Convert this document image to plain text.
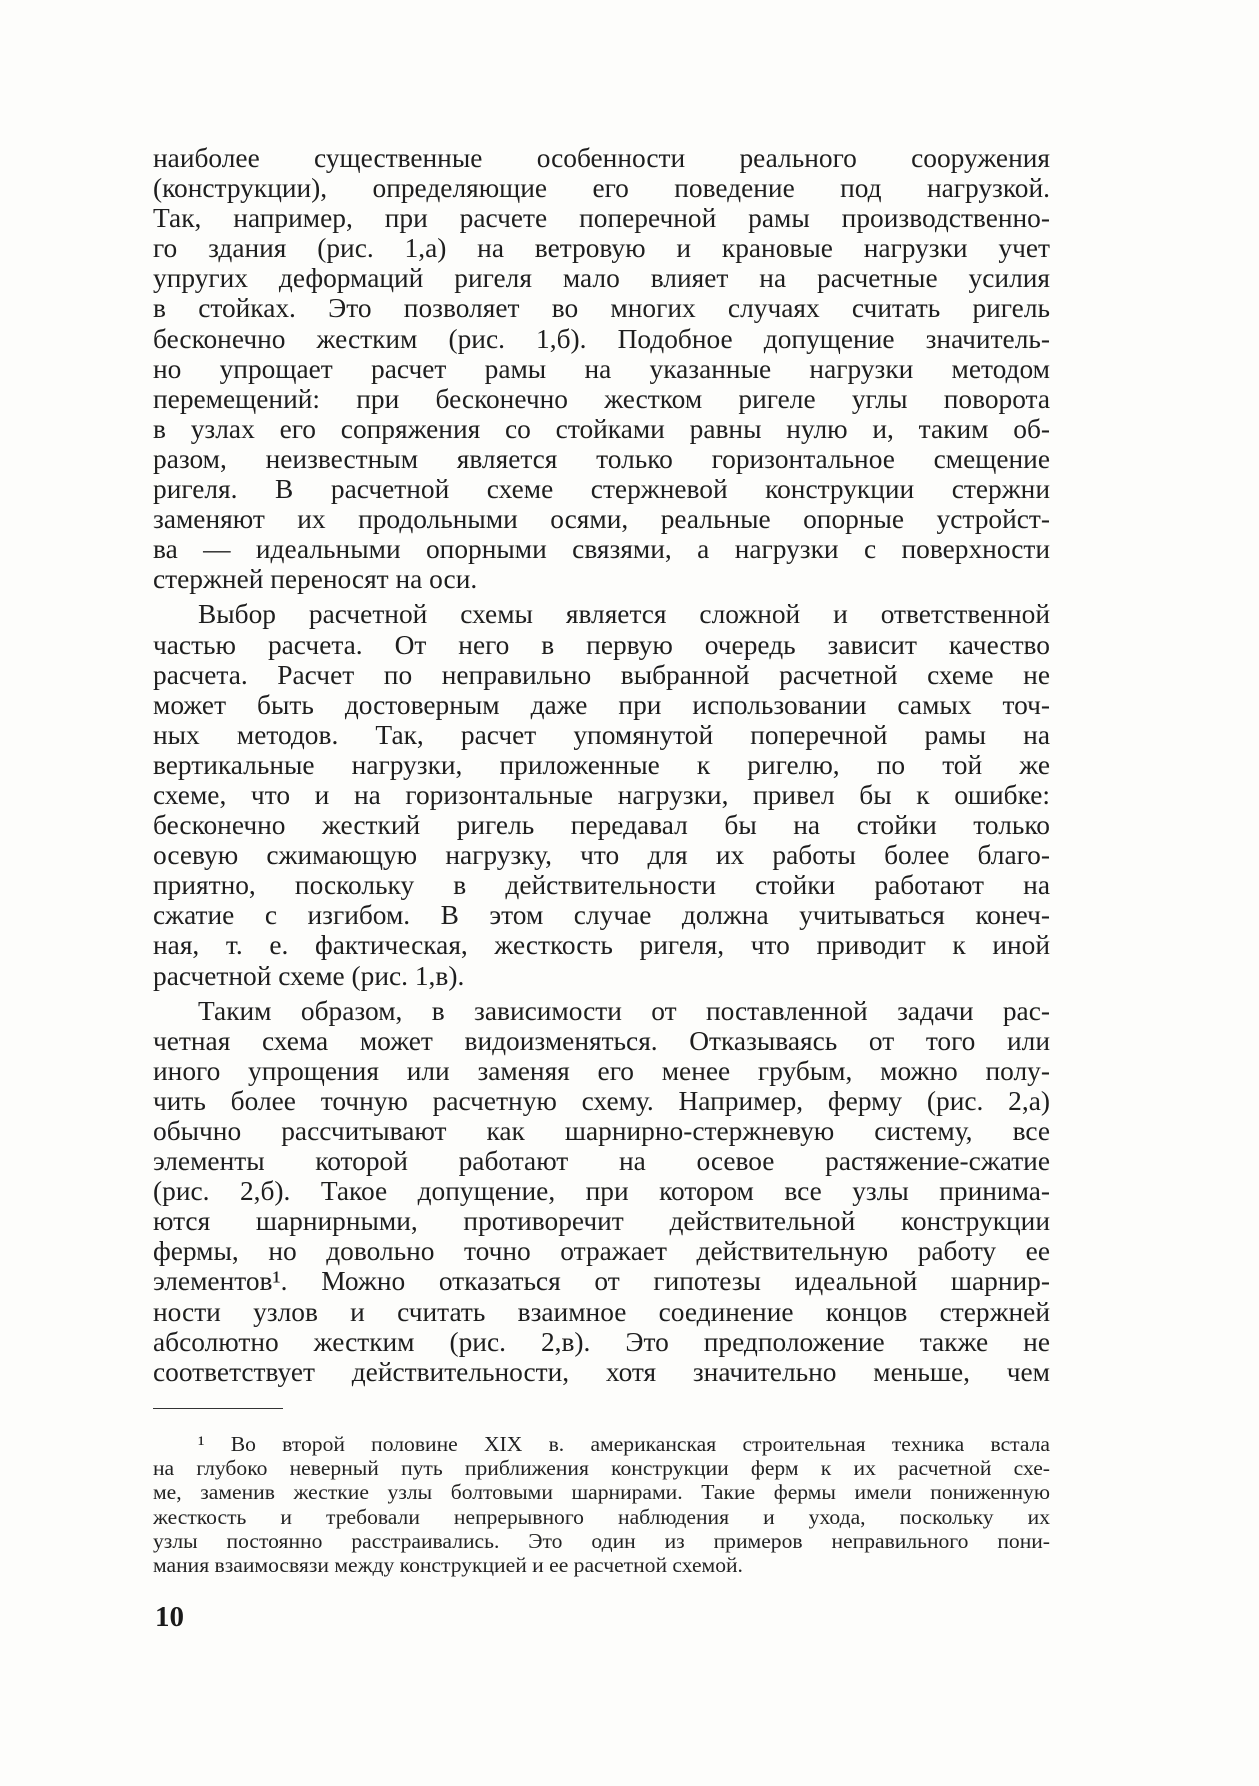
наиболее существенные особенности реального сооружения
(конструкции), определяющие его поведение под нагрузкой.
Так, например, при расчете поперечной рамы производственно-
го здания (рис. 1,а) на ветровую и крановые нагрузки учет
упругих деформаций ригеля мало влияет на расчетные усилия
в стойках. Это позволяет во многих случаях считать ригель
бесконечно жестким (рис. 1,б). Подобное допущение значитель-
но упрощает расчет рамы на указанные нагрузки методом
перемещений: при бесконечно жестком ригеле углы поворота
в узлах его сопряжения со стойками равны нулю и, таким об-
разом, неизвестным является только горизонтальное смещение
ригеля. В расчетной схеме стержневой конструкции стержни
заменяют их продольными осями, реальные опорные устройст-
ва — идеальными опорными связями, а нагрузки с поверхности
стержней переносят на оси.

Выбор расчетной схемы является сложной и ответственной
частью расчета. От него в первую очередь зависит качество
расчета. Расчет по неправильно выбранной расчетной схеме не
может быть достоверным даже при использовании самых точ-
ных методов. Так, расчет упомянутой поперечной рамы на
вертикальные нагрузки, приложенные к ригелю, по той же
схеме, что и на горизонтальные нагрузки, привел бы к ошибке:
бесконечно жесткий ригель передавал бы на стойки только
осевую сжимающую нагрузку, что для их работы более благо-
приятно, поскольку в действительности стойки работают на
сжатие с изгибом. В этом случае должна учитываться конеч-
ная, т. е. фактическая, жесткость ригеля, что приводит к иной
расчетной схеме (рис. 1,в).

Таким образом, в зависимости от поставленной задачи рас-
четная схема может видоизменяться. Отказываясь от того или
иного упрощения или заменяя его менее грубым, можно полу-
чить более точную расчетную схему. Например, ферму (рис. 2,а)
обычно рассчитывают как шарнирно-стержневую систему, все
элементы которой работают на осевое растяжение-сжатие
(рис. 2,б). Такое допущение, при котором все узлы принима-
ются шарнирными, противоречит действительной конструкции
фермы, но довольно точно отражает действительную работу ее
элементов¹. Можно отказаться от гипотезы идеальной шарнир-
ности узлов и считать взаимное соединение концов стержней
абсолютно жестким (рис. 2,в). Это предположение также не
соответствует действительности, хотя значительно меньше, чем

¹ Во второй половине XIX в. американская строительная техника встала
на глубоко неверный путь приближения конструкции ферм к их расчетной схе-
ме, заменив жесткие узлы болтовыми шарнирами. Такие фермы имели пониженную
жесткость и требовали непрерывного наблюдения и ухода, поскольку их
узлы постоянно расстраивались. Это один из примеров неправильного пони-
мания взаимосвязи между конструкцией и ее расчетной схемой.
10
